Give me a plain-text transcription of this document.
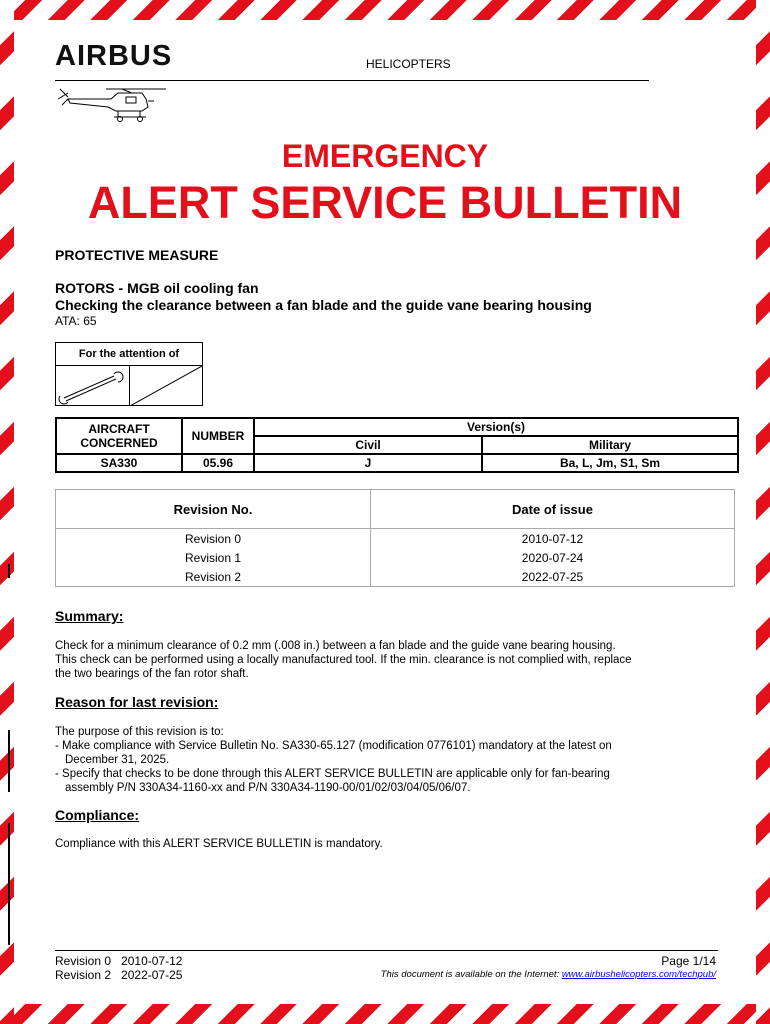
AIRBUS	HELICOPTERS
EMERGENCY
ALERT SERVICE BULLETIN
PROTECTIVE MEASURE
ROTORS - MGB oil cooling fan
Checking the clearance between a fan blade and the guide vane bearing housing
ATA: 65
For the attention of
AIRCRAFT CONCERNED	NUMBER	Version(s)	
		Civil	Military
SA330	05.96	J	Ba, L, Jm, S1, Sm
Revision No.	Date of issue
Revision 0	2010-07-12
Revision 1	2020-07-24
Revision 2	2022-07-25
Summary:
Check for a minimum clearance of 0.2 mm (.008 in.) between a fan blade and the guide vane bearing housing.
This check can be performed using a locally manufactured tool. If the min. clearance is not complied with, replace
the two bearings of the fan rotor shaft.
Reason for last revision:
The purpose of this revision is to:
- Make compliance with Service Bulletin No. SA330-65.127 (modification 0776101) mandatory at the latest on
December 31, 2025.
- Specify that checks to be done through this ALERT SERVICE BULLETIN are applicable only for fan-bearing
assembly P/N 330A34-1160-xx and P/N 330A34-1190-00/01/02/03/04/05/06/07.
Compliance:
Compliance with this ALERT SERVICE BULLETIN is mandatory.
Revision 0 2010-07-12
Revision 2 2022-07-25
Page 1/14
This document is available on the Internet: www.airbushelicopters.com/techpub/
